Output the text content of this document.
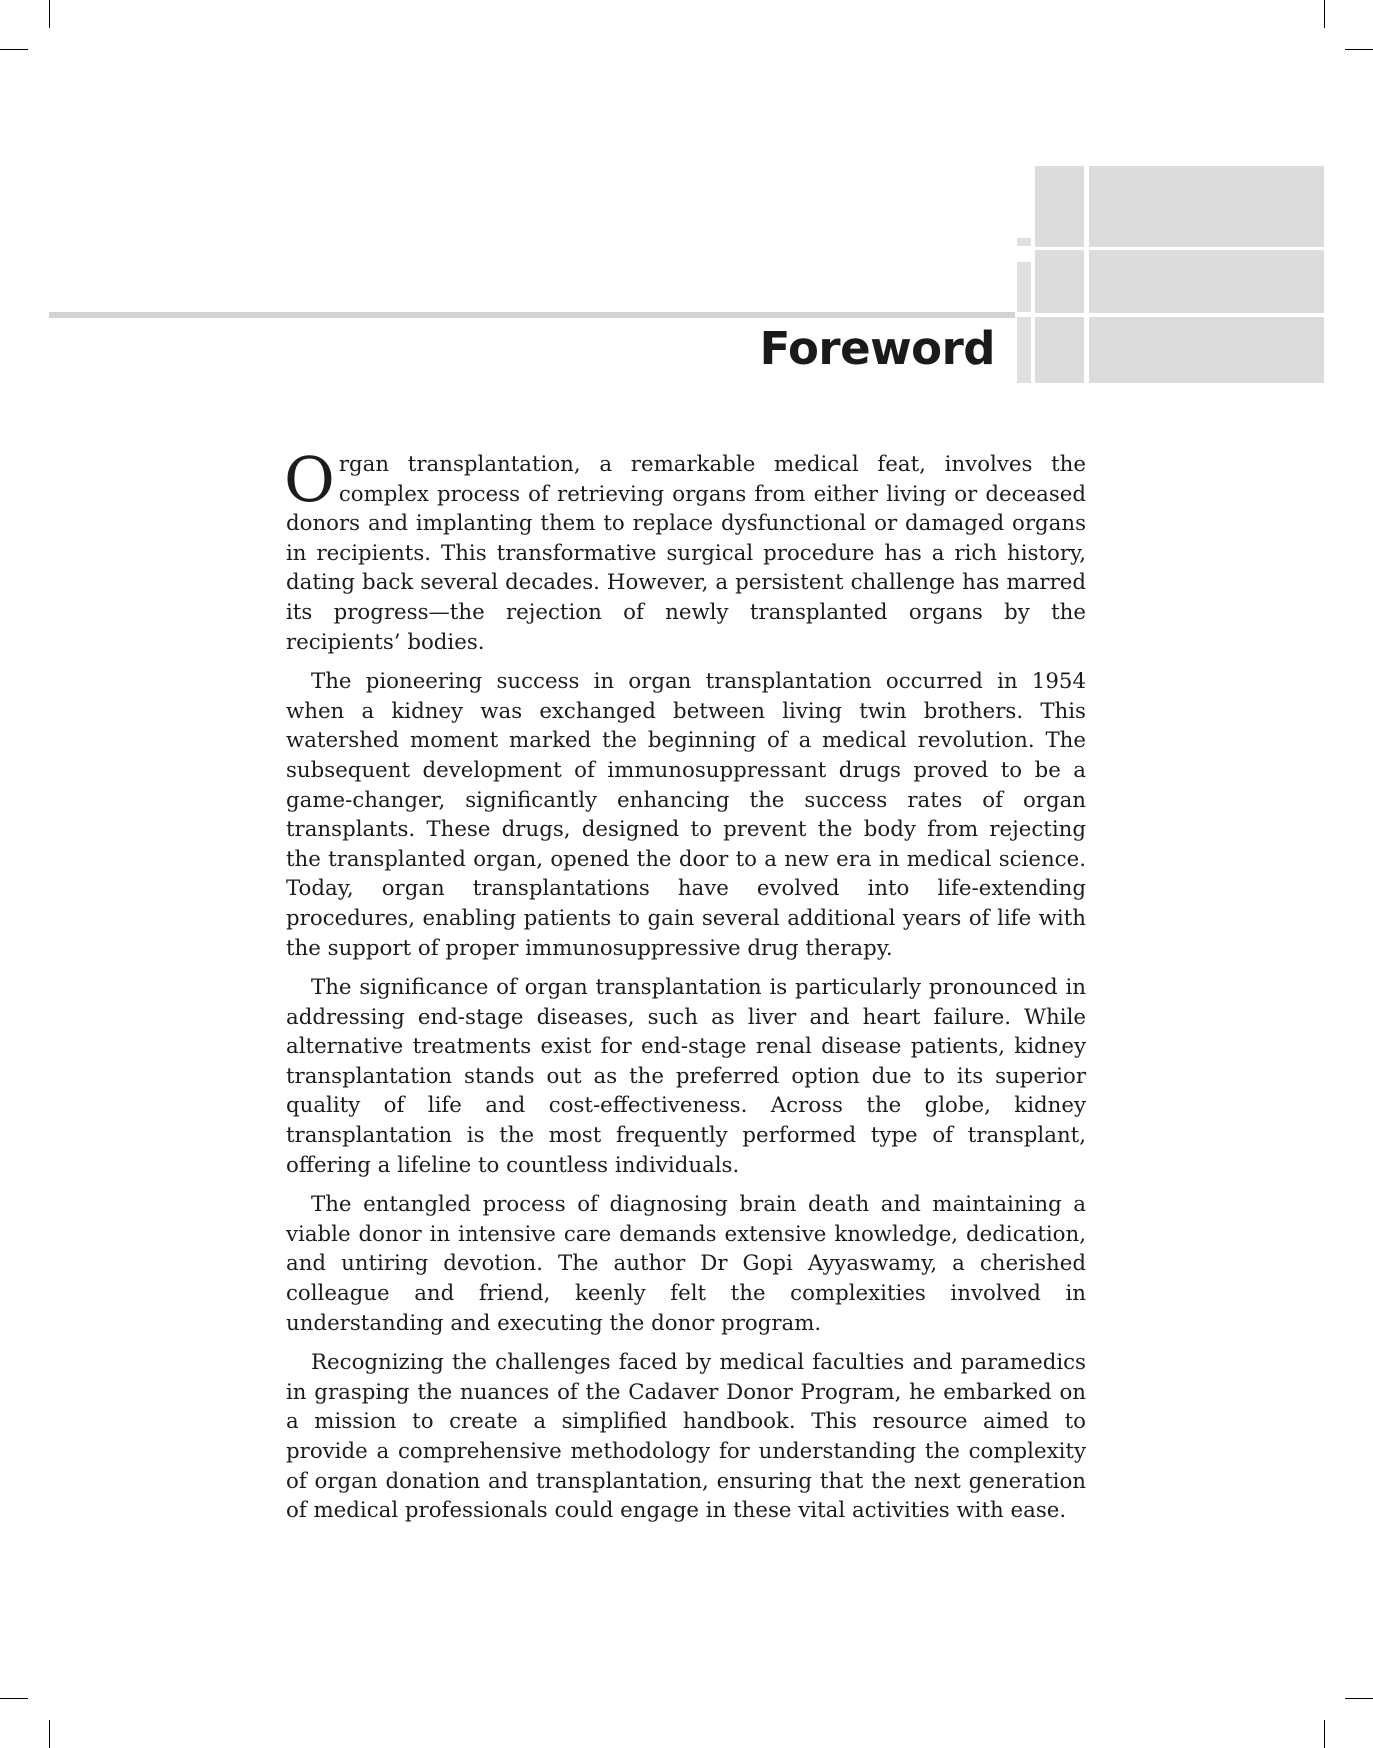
Foreword

Organ transplantation, a remarkable medical feat, involves the complex process of retrieving organs from either living or deceased donors and implanting them to replace dysfunctional or damaged organs in recipients. This transformative surgical procedure has a rich history, dating back several decades. However, a persistent challenge has marred its progress—the rejection of newly transplanted organs by the recipients’ bodies.

The pioneering success in organ transplantation occurred in 1954 when a kidney was exchanged between living twin brothers. This watershed moment marked the beginning of a medical revolution. The subsequent development of immunosuppressant drugs proved to be a game-changer, significantly enhancing the success rates of organ transplants. These drugs, designed to prevent the body from rejecting the transplanted organ, opened the door to a new era in medical science. Today, organ transplantations have evolved into life-extending procedures, enabling patients to gain several additional years of life with the support of proper immunosuppressive drug therapy.

The significance of organ transplantation is particularly pronounced in addressing end-stage diseases, such as liver and heart failure. While alternative treatments exist for end-stage renal disease patients, kidney transplantation stands out as the preferred option due to its superior quality of life and cost-effectiveness. Across the globe, kidney transplantation is the most frequently performed type of transplant, offering a lifeline to countless individuals.

The entangled process of diagnosing brain death and maintaining a viable donor in intensive care demands extensive knowledge, dedication, and untiring devotion. The author Dr Gopi Ayyaswamy, a cherished colleague and friend, keenly felt the complexities involved in understanding and executing the donor program.

Recognizing the challenges faced by medical faculties and paramedics in grasping the nuances of the Cadaver Donor Program, he embarked on a mission to create a simplified handbook. This resource aimed to provide a comprehensive methodology for understanding the complexity of organ donation and transplantation, ensuring that the next generation of medical professionals could engage in these vital activities with ease.
